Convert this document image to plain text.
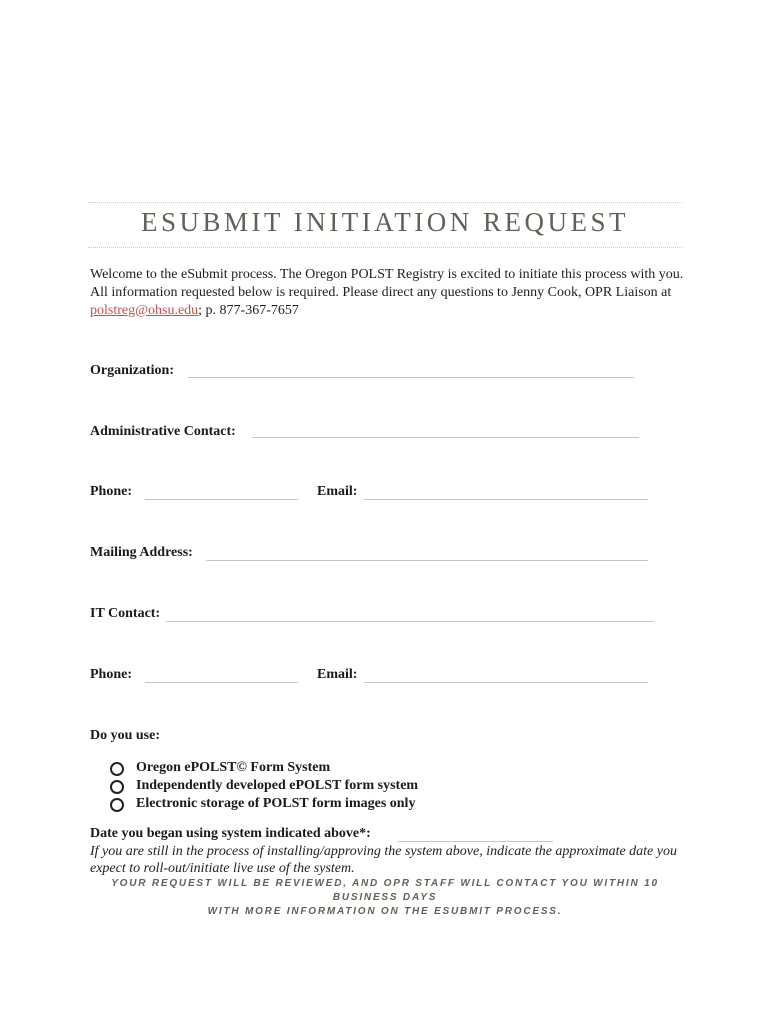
ESUBMIT INITIATION REQUEST
Welcome to the eSubmit process. The Oregon POLST Registry is excited to initiate this process with you. All information requested below is required. Please direct any questions to Jenny Cook, OPR Liaison at polstreg@ohsu.edu; p. 877-367-7657
Organization:
Administrative Contact:
Phone:	Email:
Mailing Address:
IT Contact:
Phone:	Email:
Do you use:
Oregon ePOLST© Form System
Independently developed ePOLST form system
Electronic storage of POLST form images only
Date you began using system indicated above*:
If you are still in the process of installing/approving the system above, indicate the approximate date you expect to roll-out/initiate live use of the system.
YOUR REQUEST WILL BE REVIEWED, AND OPR STAFF WILL CONTACT YOU WITHIN 10 BUSINESS DAYS
WITH MORE INFORMATION ON THE ESUBMIT PROCESS.
